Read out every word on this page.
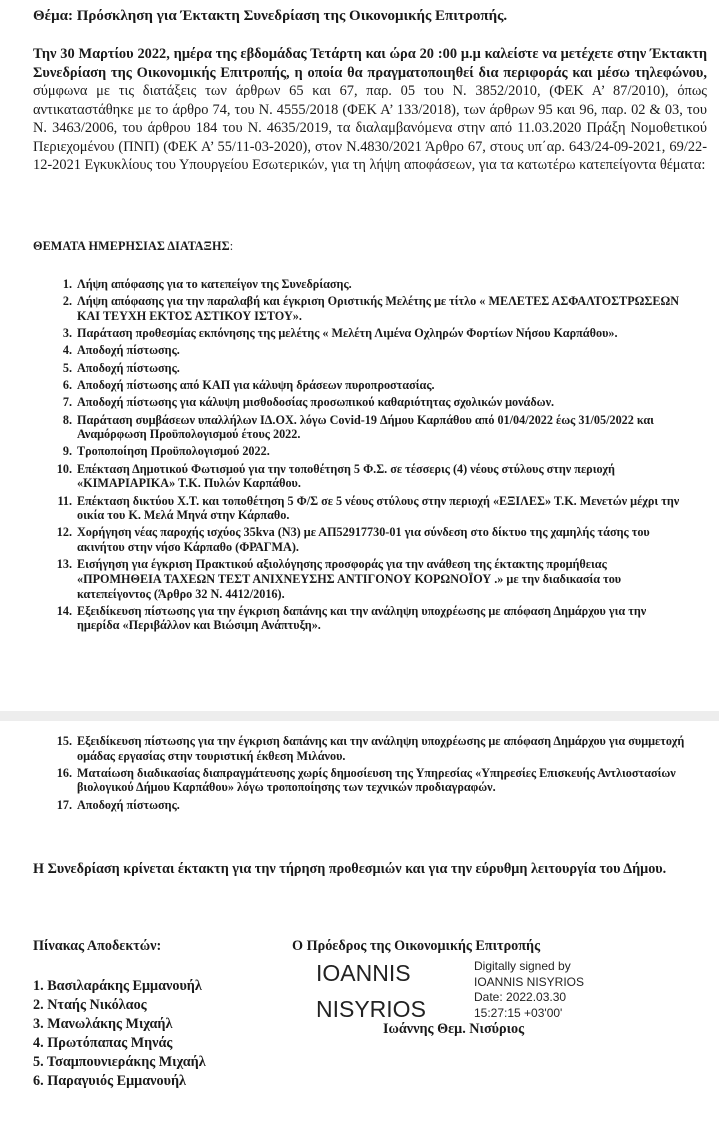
Θέμα: Πρόσκληση για Έκτακτη Συνεδρίαση της Οικονομικής Επιτροπής.

Την 30 Μαρτίου 2022, ημέρα της εβδομάδας Τετάρτη και ώρα 20 :00 μ.μ καλείστε να μετέχετε στην Έκτακτη Συνεδρίαση της Οικονομικής Επιτροπής, η οποία θα πραγματοποιηθεί δια περιφοράς και μέσω τηλεφώνου, σύμφωνα με τις διατάξεις των άρθρων 65 και 67, παρ. 05 του Ν. 3852/2010, (ΦΕΚ Α’ 87/2010), όπως αντικαταστάθηκε με το άρθρο 74, του Ν. 4555/2018 (ΦΕΚ Α’ 133/2018), των άρθρων 95 και 96, παρ. 02 & 03, του Ν. 3463/2006, του άρθρου 184 του Ν. 4635/2019, τα διαλαμβανόμενα στην από 11.03.2020 Πράξη Νομοθετικού Περιεχομένου (ΠΝΠ) (ΦΕΚ Α’ 55/11-03-2020), στον Ν.4830/2021 Άρθρο 67, στους υπ΄αρ. 643/24-09-2021, 69/22-12-2021 Εγκυκλίους του Υπουργείου Εσωτερικών, για τη λήψη αποφάσεων, για τα κατωτέρω κατεπείγοντα θέματα:

ΘΕΜΑΤΑ ΗΜΕΡΗΣΙΑΣ ΔΙΑΤΑΞΗΣ:
1. Λήψη απόφασης για το κατεπείγον της Συνεδρίασης.
2. Λήψη απόφασης για την παραλαβή και έγκριση Οριστικής Μελέτης με τίτλο « ΜΕΛΕΤΕΣ ΑΣΦΑΛΤΟΣΤΡΩΣΕΩΝ ΚΑΙ ΤΕΥΧΗ ΕΚΤΟΣ ΑΣΤΙΚΟΥ ΙΣΤΟΥ».
3. Παράταση προθεσμίας εκπόνησης της μελέτης « Μελέτη Λιμένα Οχληρών Φορτίων Νήσου Καρπάθου».
4. Αποδοχή πίστωσης.
5. Αποδοχή πίστωσης.
6. Αποδοχή πίστωσης από ΚΑΠ για κάλυψη δράσεων πυροπροστασίας.
7. Αποδοχή πίστωσης για κάλυψη μισθοδοσίας προσωπικού καθαριότητας σχολικών μονάδων.
8. Παράταση συμβάσεων υπαλλήλων ΙΔ.ΟΧ. λόγω Covid-19 Δήμου Καρπάθου από 01/04/2022 έως 31/05/2022 και Αναμόρφωση Προϋπολογισμού έτους 2022.
9. Τροποποίηση Προϋπολογισμού 2022.
10. Επέκταση Δημοτικού Φωτισμού για την τοποθέτηση 5 Φ.Σ. σε τέσσερις (4) νέους στύλους στην περιοχή «ΚΙΜΑΡΙΑΡΙΚΑ» Τ.Κ. Πυλών Καρπάθου.
11. Επέκταση δικτύου Χ.Τ. και τοποθέτηση 5 Φ/Σ σε 5 νέους στύλους στην περιοχή «ΕΞΙΛΕΣ» Τ.Κ. Μενετών μέχρι την οικία του Κ. Μελά Μηνά στην Κάρπαθο.
12. Χορήγηση νέας παροχής ισχύος 35kva (Ν3) με ΑΠ52917730-01 για σύνδεση στο δίκτυο της χαμηλής τάσης του ακινήτου στην νήσο Κάρπαθο (ΦΡΑΓΜΑ).
13. Εισήγηση για έγκριση Πρακτικού αξιολόγησης προσφοράς για την ανάθεση της έκτακτης προμήθειας «ΠΡΟΜΗΘΕΙΑ ΤΑΧΕΩΝ ΤΕΣΤ ΑΝΙΧΝΕΥΣΗΣ ΑΝΤΙΓΟΝΟΥ ΚΟΡΩΝΟΪΟΥ .» με την διαδικασία του κατεπείγοντος (Άρθρο 32 Ν. 4412/2016).
14. Εξειδίκευση πίστωσης για την έγκριση δαπάνης και την ανάληψη υποχρέωσης με απόφαση Δημάρχου για την ημερίδα «Περιβάλλον και Βιώσιμη Ανάπτυξη».
15. Εξειδίκευση πίστωσης για την έγκριση δαπάνης και την ανάληψη υποχρέωσης με απόφαση Δημάρχου για συμμετοχή ομάδας εργασίας στην τουριστική έκθεση Μιλάνου.
16. Ματαίωση διαδικασίας διαπραγμάτευσης χωρίς δημοσίευση της Υπηρεσίας «Υπηρεσίες Επισκευής Αντλιοστασίων βιολογικού Δήμου Καρπάθου» λόγω τροποποίησης των τεχνικών προδιαγραφών.
17. Αποδοχή πίστωσης.

Η Συνεδρίαση κρίνεται έκτακτη για την τήρηση προθεσμιών και για την εύρυθμη λειτουργία του Δήμου.

Πίνακας Αποδεκτών:
1. Βασιλαράκης Εμμανουήλ
2. Νταής Νικόλαος
3. Μανωλάκης Μιχαήλ
4. Πρωτόπαπας Μηνάς
5. Τσαμπουνιεράκης Μιχαήλ
6. Παραγυιός Εμμανουήλ
Ο Πρόεδρος της Οικονομικής Επιτροπής
IOANNIS
NISYRIOS
Digitally signed by
IOANNIS NISYRIOS
Date: 2022.03.30
15:27:15 +03'00'
Ιωάννης Θεμ. Νισύριος
